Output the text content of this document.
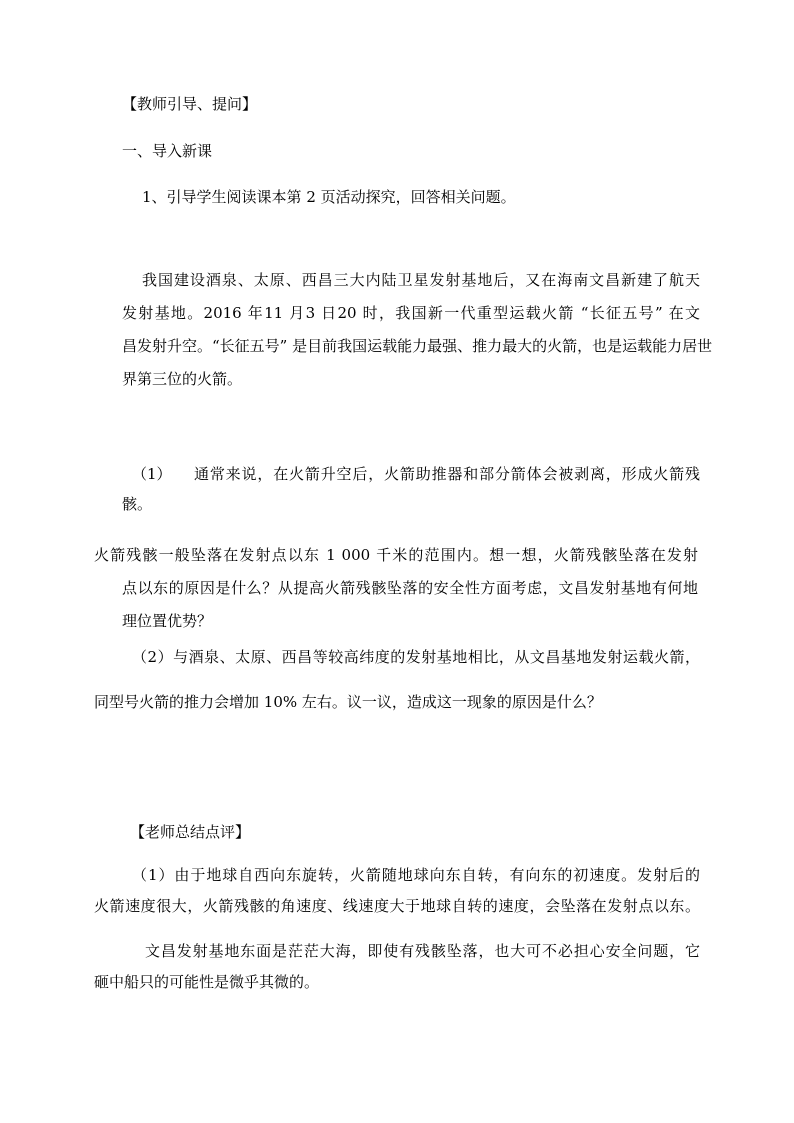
【教师引导、提问】

一、导入新课

1、引导学生阅读课本第 2 页活动探究，回答相关问题。

我国建设酒泉、太原、西昌三大内陆卫星发射基地后，又在海南文昌新建了航天
发射基地。2016 年11 月3 日20 时，我国新一代重型运载火箭 “长征五号” 在文
昌发射升空。“长征五号” 是目前我国运载能力最强、推力最大的火箭，也是运载能力居世
界第三位的火箭。

（1） 通常来说，在火箭升空后，火箭助推器和部分箭体会被剥离，形成火箭残

骸。

火箭残骸一般坠落在发射点以东 1 000 千米的范围内。想一想，火箭残骸坠落在发射
点以东的原因是什么？从提高火箭残骸坠落的安全性方面考虑，文昌发射基地有何地
理位置优势？

（2）与酒泉、太原、西昌等较高纬度的发射基地相比，从文昌基地发射运载火箭，

同型号火箭的推力会增加 10% 左右。议一议，造成这一现象的原因是什么？

【老师总结点评】

（1）由于地球自西向东旋转，火箭随地球向东自转，有向东的初速度。发射后的

火箭速度很大，火箭残骸的角速度、线速度大于地球自转的速度，会坠落在发射点以东。

文昌发射基地东面是茫茫大海，即使有残骸坠落，也大可不必担心安全问题，它

砸中船只的可能性是微乎其微的。
